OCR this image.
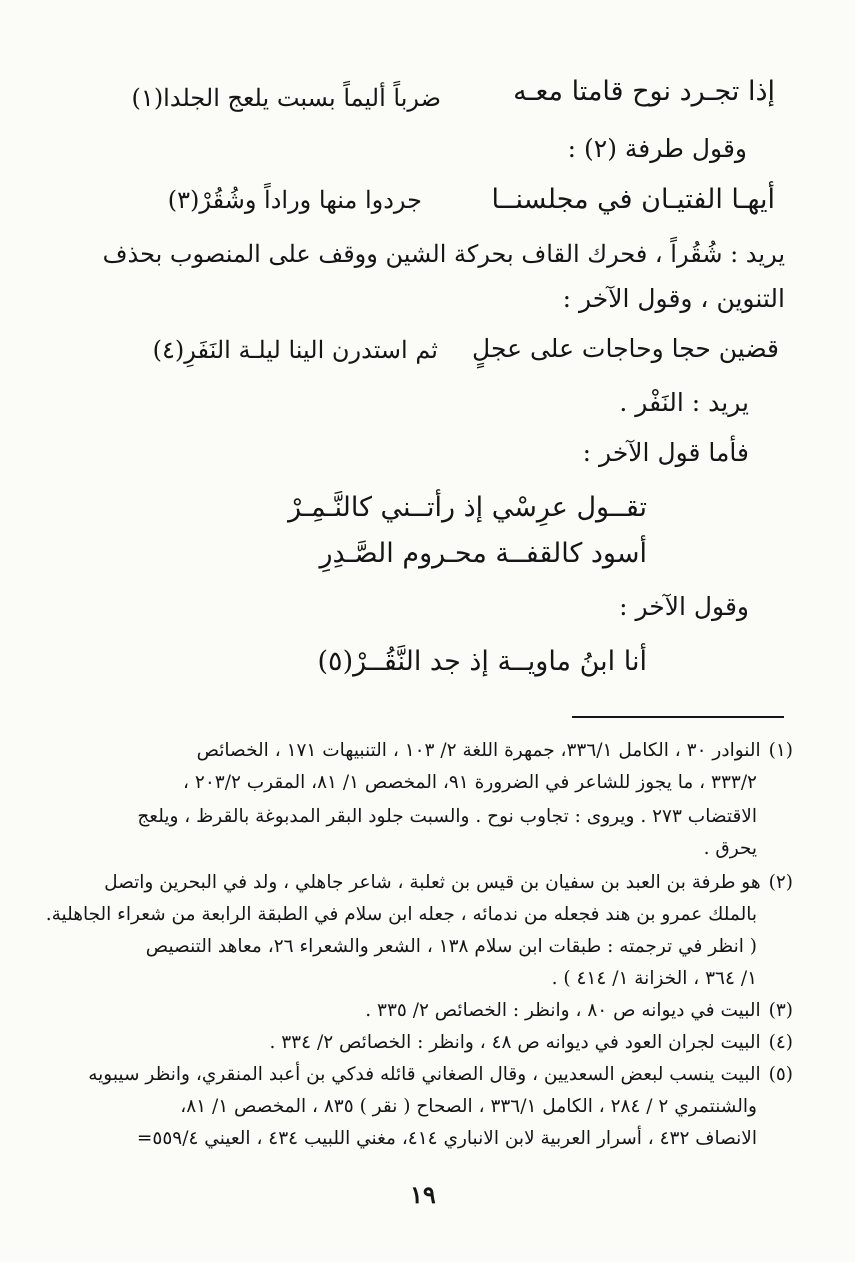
إذا تجـرد نوح قامتا معـه
ضرباً أليماً بسبت يلعج الجلدا(١)
وقول طرفة (٢) :
أيهـا الفتيـان في مجلسنــا
جردوا منها وراداً وشُقُرْ(٣)
يريد : شُقُراً ، فحرك القاف بحركة الشين ووقف على المنصوب بحذف
التنوين ، وقول الآخر :
قضين حجا وحاجات على عجلٍ
ثم استدرن الينا ليلـة النَفَرِ(٤)
يريد : النَفْر .
فأما قول الآخر :
تقــول عرِسْي إذ رأتــني كالنَّـمِـرْ
أسود كالقفــة محـروم الصَّـدِرِ
وقول الآخر :
أنا ابنُ ماويــة إذ جد النَّقُــرْ(٥)
(١)النوادر ٣٠ ، الكامل ٣٣٦/١، جمهرة اللغة ٢/ ١٠٣ ، التنبيهات ١٧١ ، الخصائص
٣٣٣/٢ ، ما يجوز للشاعر في الضرورة ٩١، المخصص ١/ ٨١، المقرب ٢٠٣/٢ ،
الاقتضاب ٢٧٣ . ويروى : تجاوب نوح . والسبت جلود البقر المدبوغة بالقرظ ، ويلعج
يحرق .
(٢)هو طرفة بن العبد بن سفيان بن قيس بن ثعلبة ، شاعر جاهلي ، ولد في البحرين واتصل
بالملك عمرو بن هند فجعله من ندمائه ، جعله ابن سلام في الطبقة الرابعة من شعراء الجاهلية.
( انظر في ترجمته : طبقات ابن سلام ١٣٨ ، الشعر والشعراء ٢٦، معاهد التنصيص
١/ ٣٦٤ ، الخزانة ١/ ٤١٤ ) .
(٣)البيت في ديوانه ص ٨٠ ، وانظر : الخصائص ٢/ ٣٣٥ .
(٤)البيت لجران العود في ديوانه ص ٤٨ ، وانظر : الخصائص ٢/ ٣٣٤ .
(٥)البيت ينسب لبعض السعديين ، وقال الصغاني قائله فدكي بن أعبد المنقري، وانظر سيبويه
والشنتمري ٢ / ٢٨٤ ، الكامل ٣٣٦/١ ، الصحاح ( نقر ) ٨٣٥ ، المخصص ١/ ٨١،
الانصاف ٤٣٢ ، أسرار العربية لابن الانباري ٤١٤، مغني اللبيب ٤٣٤ ، العيني ٥٥٩/٤=
١٩
